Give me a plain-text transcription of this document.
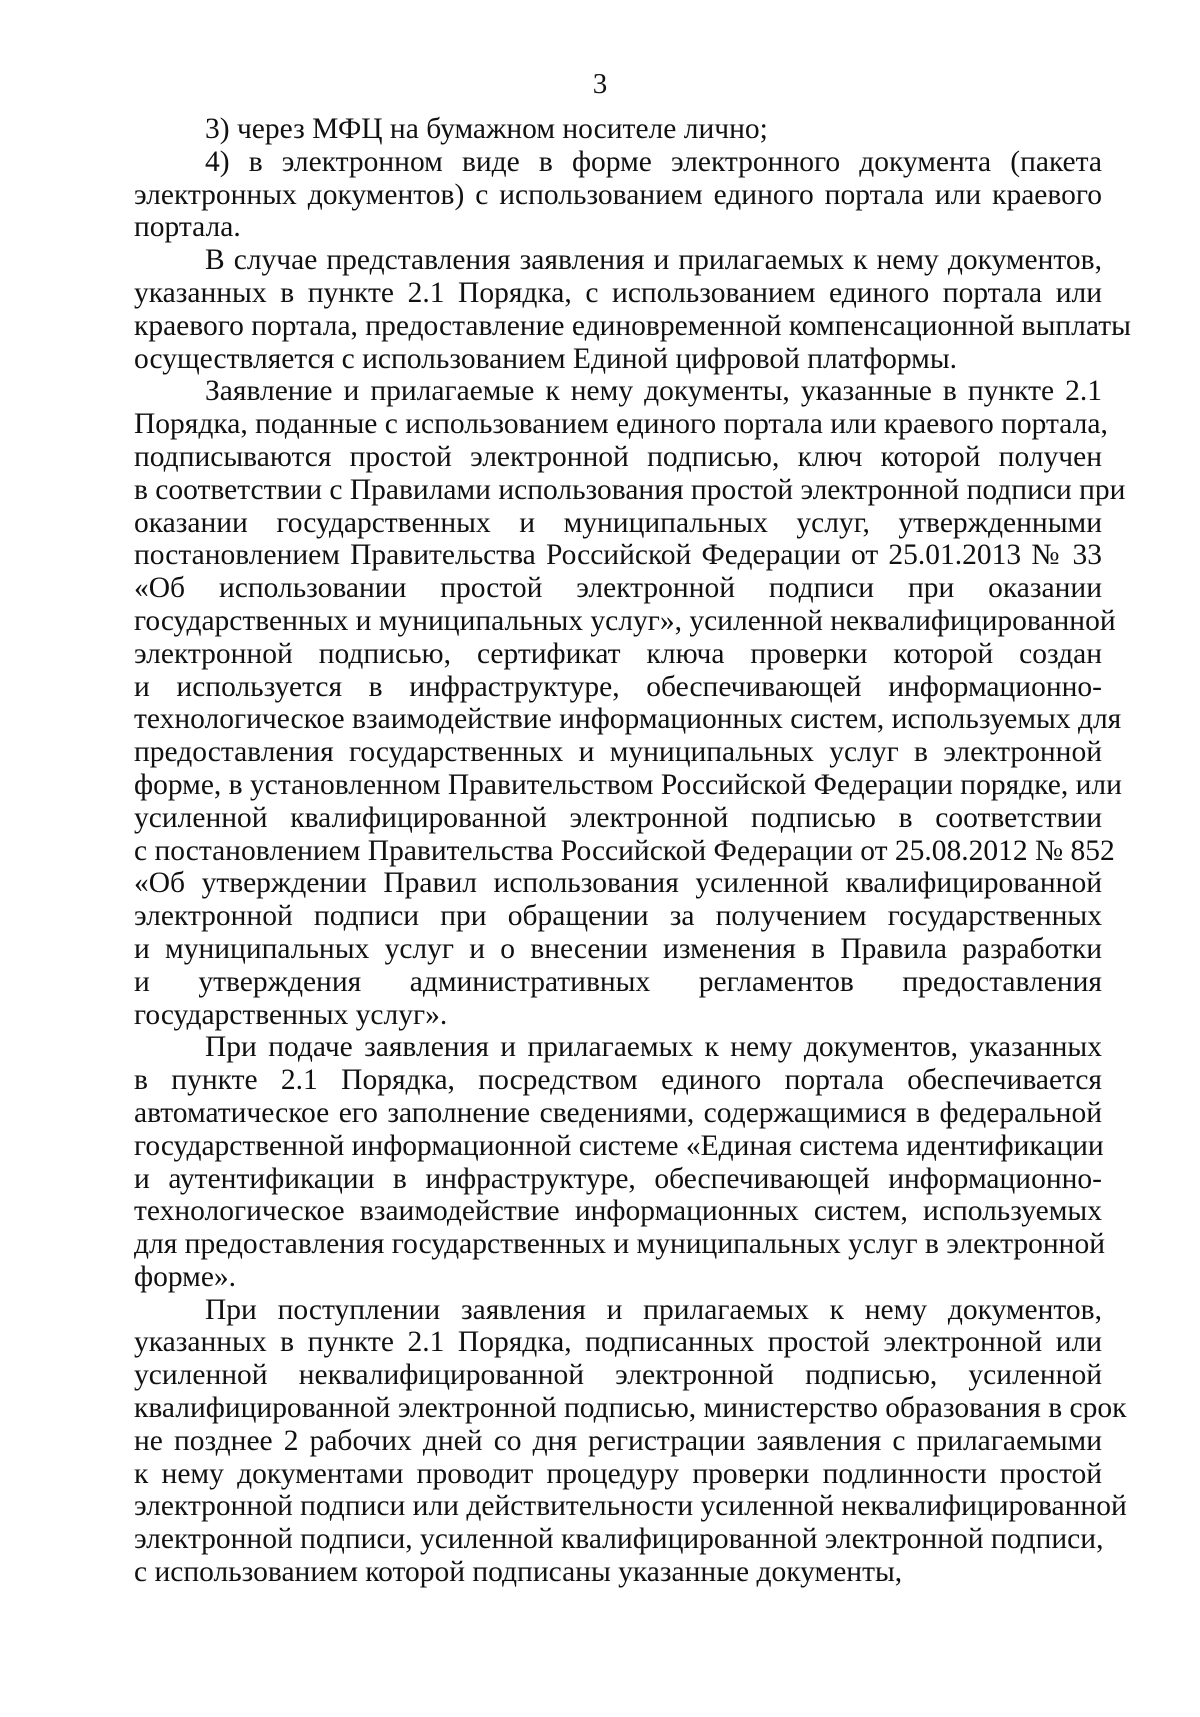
3
3) через МФЦ на бумажном носителе лично;
4) в электронном виде в форме электронного документа (пакета
электронных документов) с использованием единого портала или краевого
портала.
В случае представления заявления и прилагаемых к нему документов,
указанных в пункте 2.1 Порядка, с использованием единого портала или
краевого портала, предоставление единовременной компенсационной выплаты
осуществляется с использованием Единой цифровой платформы.
Заявление и прилагаемые к нему документы, указанные в пункте 2.1
Порядка, поданные с использованием единого портала или краевого портала,
подписываются простой электронной подписью, ключ которой получен
в соответствии с Правилами использования простой электронной подписи при
оказании государственных и муниципальных услуг, утвержденными
постановлением Правительства Российской Федерации от 25.01.2013 № 33
«Об использовании простой электронной подписи при оказании
государственных и муниципальных услуг», усиленной неквалифицированной
электронной подписью, сертификат ключа проверки которой создан
и используется в инфраструктуре, обеспечивающей информационно-
технологическое взаимодействие информационных систем, используемых для
предоставления государственных и муниципальных услуг в электронной
форме, в установленном Правительством Российской Федерации порядке, или
усиленной квалифицированной электронной подписью в соответствии
с постановлением Правительства Российской Федерации от 25.08.2012 № 852
«Об утверждении Правил использования усиленной квалифицированной
электронной подписи при обращении за получением государственных
и муниципальных услуг и о внесении изменения в Правила разработки
и утверждения административных регламентов предоставления
государственных услуг».
При подаче заявления и прилагаемых к нему документов, указанных
в пункте 2.1 Порядка, посредством единого портала обеспечивается
автоматическое его заполнение сведениями, содержащимися в федеральной
государственной информационной системе «Единая система идентификации
и аутентификации в инфраструктуре, обеспечивающей информационно-
технологическое взаимодействие информационных систем, используемых
для предоставления государственных и муниципальных услуг в электронной
форме».
При поступлении заявления и прилагаемых к нему документов,
указанных в пункте 2.1 Порядка, подписанных простой электронной или
усиленной неквалифицированной электронной подписью, усиленной
квалифицированной электронной подписью, министерство образования в срок
не позднее 2 рабочих дней со дня регистрации заявления с прилагаемыми
к нему документами проводит процедуру проверки подлинности простой
электронной подписи или действительности усиленной неквалифицированной
электронной подписи, усиленной квалифицированной электронной подписи,
с использованием которой подписаны указанные документы,
